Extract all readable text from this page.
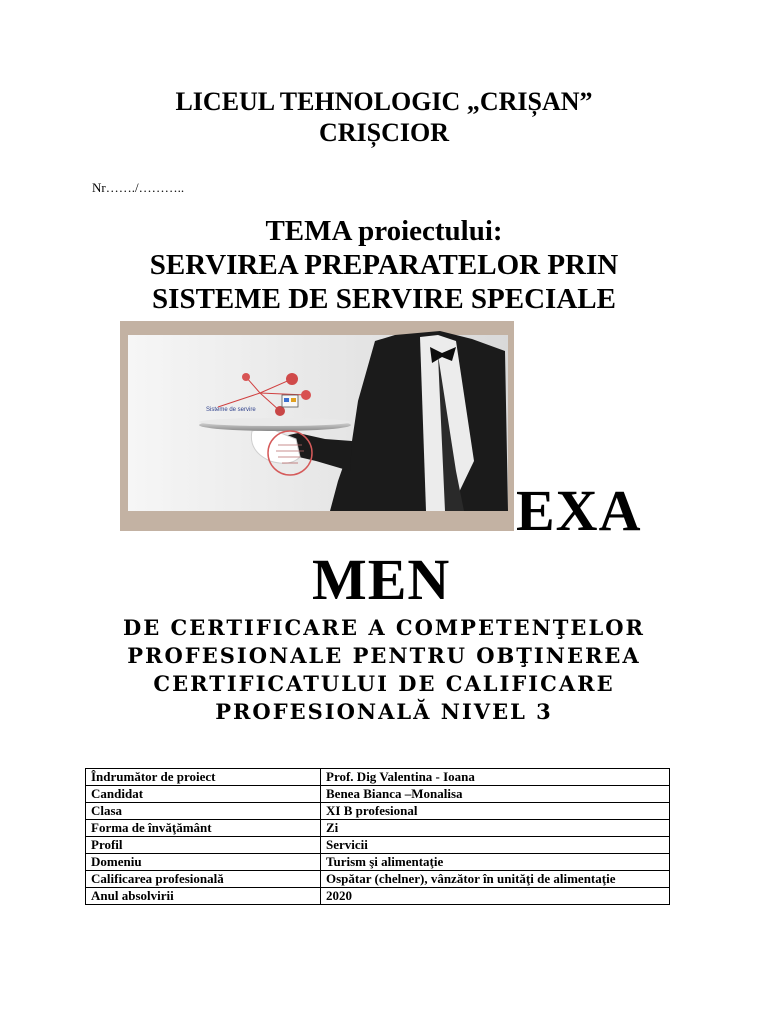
LICEUL TEHNOLOGIC „CRIȘAN”
CRIȘCIOR
Nr……./………..
TEMA proiectului:
SERVIREA PREPARATELOR PRIN
SISTEME DE SERVIRE SPECIALE
Sisteme de servire
EXA
MEN
DE CERTIFICARE A COMPETENŢELOR
PROFESIONALE PENTRU OBŢINEREA
CERTIFICATULUI DE CALIFICARE
PROFESIONALĂ NIVEL 3
Îndrumător de proiect	Prof. Dig Valentina - Ioana
Candidat	Benea Bianca –Monalisa
Clasa	XI B profesional
Forma de învăţământ	Zi
Profil	Servicii
Domeniu	Turism şi alimentaţie
Calificarea profesională	Ospătar (chelner), vânzător în unităţi de alimentaţie
Anul absolvirii	2020
